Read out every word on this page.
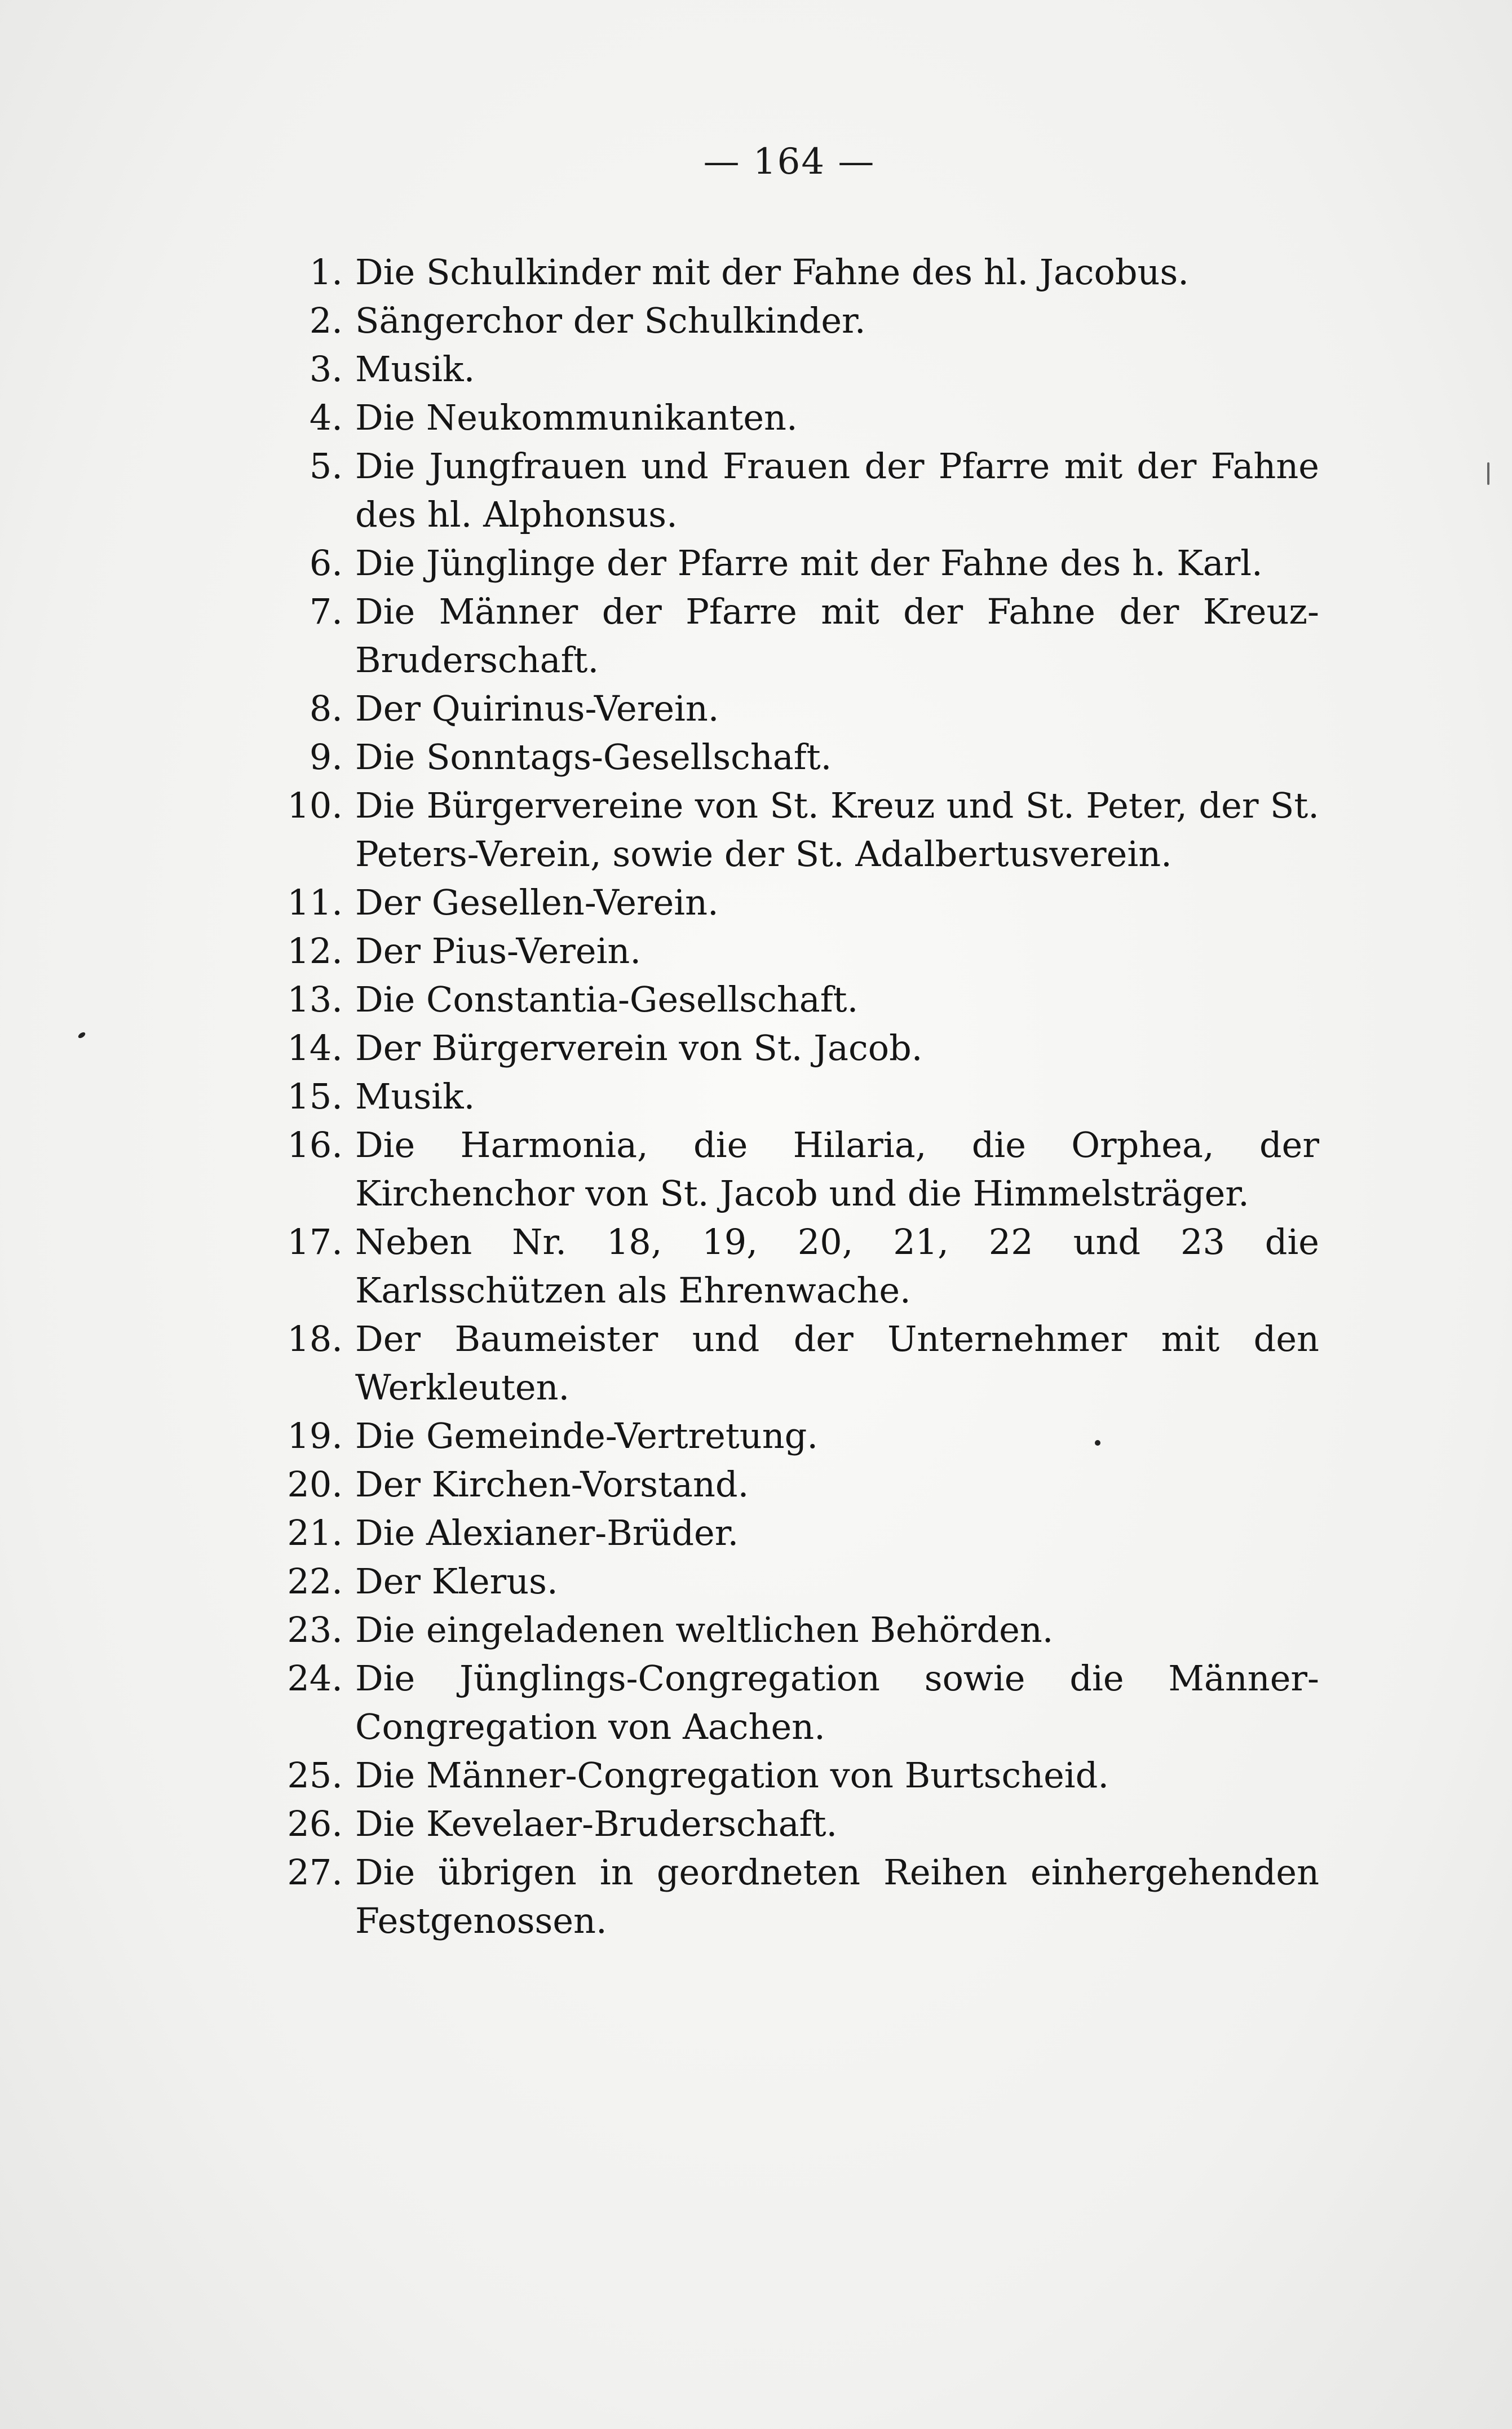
— 164 —
1. Die Schulkinder mit der Fahne des hl. Jacobus.
2. Sängerchor der Schulkinder.
3. Musik.
4. Die Neukommunikanten.
5. Die Jungfrauen und Frauen der Pfarre mit der Fahne des hl. Alphonsus.
6. Die Jünglinge der Pfarre mit der Fahne des h. Karl.
7. Die Männer der Pfarre mit der Fahne der Kreuz-Bruderschaft.
8. Der Quirinus-Verein.
9. Die Sonntags-Gesellschaft.
10. Die Bürgervereine von St. Kreuz und St. Peter, der St. Peters-Verein, sowie der St. Adalbertusverein.
11. Der Gesellen-Verein.
12. Der Pius-Verein.
13. Die Constantia-Gesellschaft.
14. Der Bürgerverein von St. Jacob.
15. Musik.
16. Die Harmonia, die Hilaria, die Orphea, der Kirchenchor von St. Jacob und die Himmelsträger.
17. Neben Nr. 18, 19, 20, 21, 22 und 23 die Karlsschützen als Ehrenwache.
18. Der Baumeister und der Unternehmer mit den Werkleuten.
19. Die Gemeinde-Vertretung.
20. Der Kirchen-Vorstand.
21. Die Alexianer-Brüder.
22. Der Klerus.
23. Die eingeladenen weltlichen Behörden.
24. Die Jünglings-Congregation sowie die Männer-Congregation von Aachen.
25. Die Männer-Congregation von Burtscheid.
26. Die Kevelaer-Bruderschaft.
27. Die übrigen in geordneten Reihen einhergehenden Festgenossen.
